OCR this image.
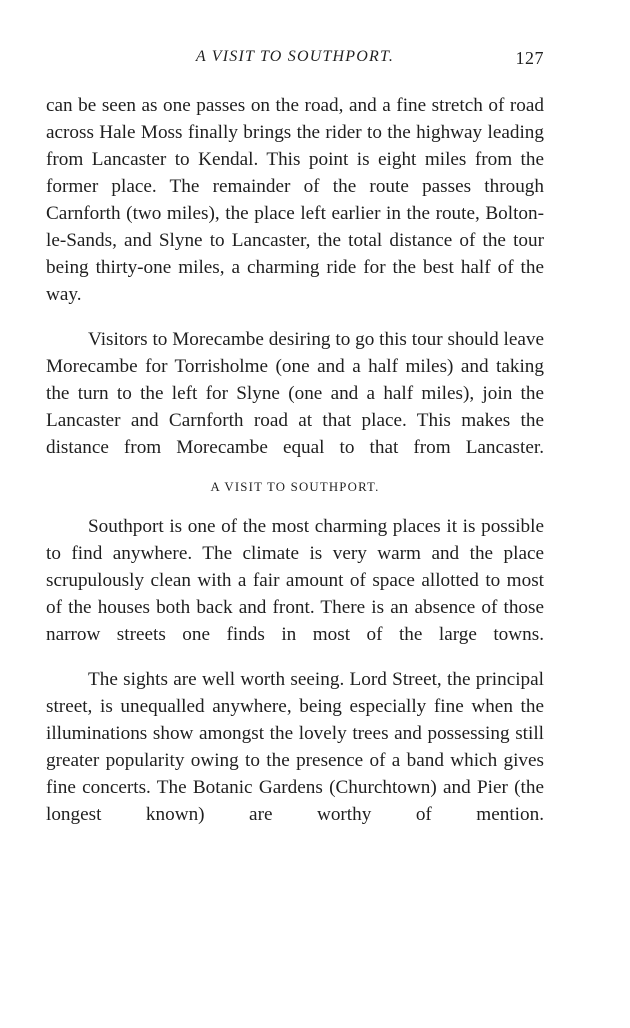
A VISIT TO SOUTHPORT.	127

can be seen as one passes on the road, and a fine stretch of road across Hale Moss finally brings the rider to the highway leading from Lancaster to Kendal. This point is eight miles from the former place. The remainder of the route passes through Carnforth (two miles), the place left earlier in the route, Bolton-le-Sands, and Slyne to Lancaster, the total distance of the tour being thirty-one miles, a charming ride for the best half of the way.

Visitors to Morecambe desiring to go this tour should leave Morecambe for Torrisholme (one and a half miles) and taking the turn to the left for Slyne (one and a half miles), join the Lancaster and Carnforth road at that place. This makes the distance from Morecambe equal to that from Lancaster.

A VISIT TO SOUTHPORT.

Southport is one of the most charming places it is possible to find anywhere. The climate is very warm and the place scrupulously clean with a fair amount of space allotted to most of the houses both back and front. There is an absence of those narrow streets one finds in most of the large towns.

The sights are well worth seeing. Lord Street, the principal street, is unequalled anywhere, being especially fine when the illuminations show amongst the lovely trees and possessing still greater popularity owing to the presence of a band which gives fine concerts. The Botanic Gardens (Churchtown) and Pier (the longest known) are worthy of mention.
